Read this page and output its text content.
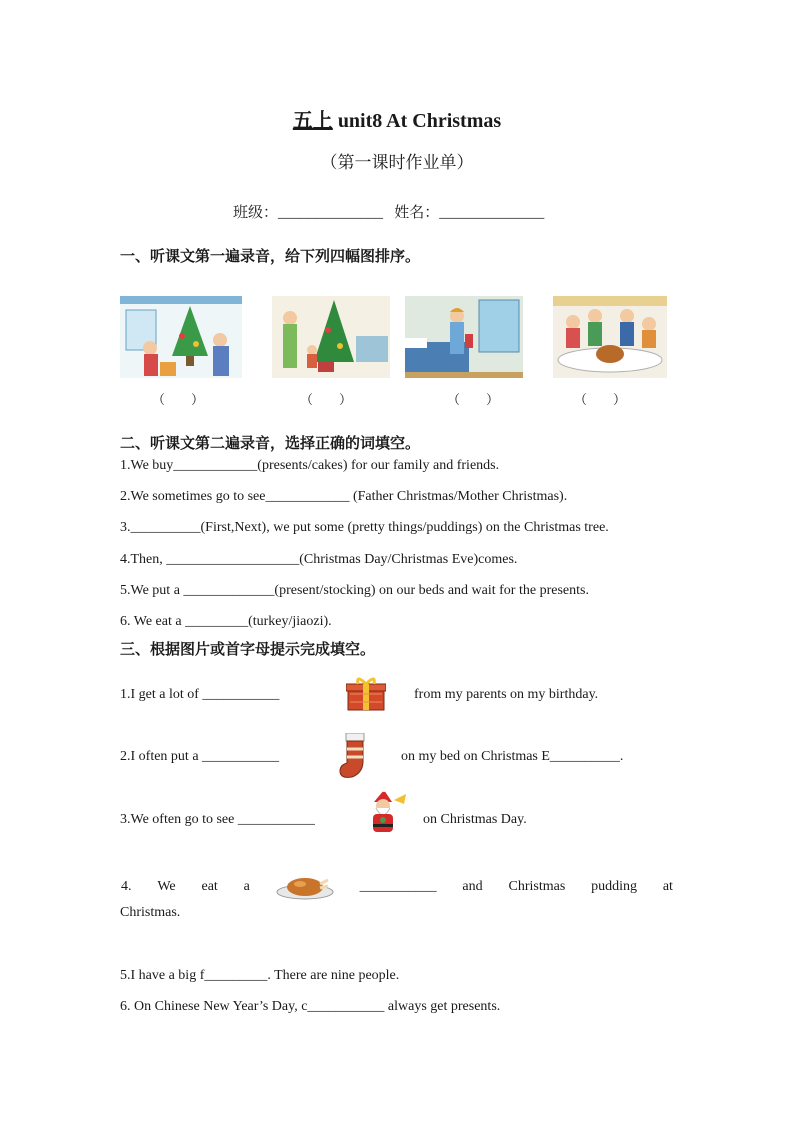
五上 unit8 At Christmas
（第一课时作业单）
班级：______________ 姓名：______________
一、听课文第一遍录音，给下列四幅图排序。
（　　）	（　　）	（　　）	（　　）
二、听课文第二遍录音，选择正确的词填空。
1.We buy____________(presents/cakes) for our family and friends.
2.We sometimes go to see____________ (Father Christmas/Mother Christmas).
3.__________(First,Next), we put some (pretty things/puddings) on the Christmas tree.
4.Then, ___________________(Christmas Day/Christmas Eve)comes.
5.We put a _____________(present/stocking) on our beds and wait for the presents.
6. We eat a _________(turkey/jiaozi).
三、根据图片或首字母提示完成填空。
1.I get a lot of ___________	from my parents on my birthday.
2.I often put a ___________	on my bed on Christmas E__________.
3.We often go to see ___________	on Christmas Day.
4. We eat a	___________ and Christmas pudding at
Christmas.
5.I have a big f_________. There are nine people.
6. On Chinese New Year’s Day, c___________ always get presents.
